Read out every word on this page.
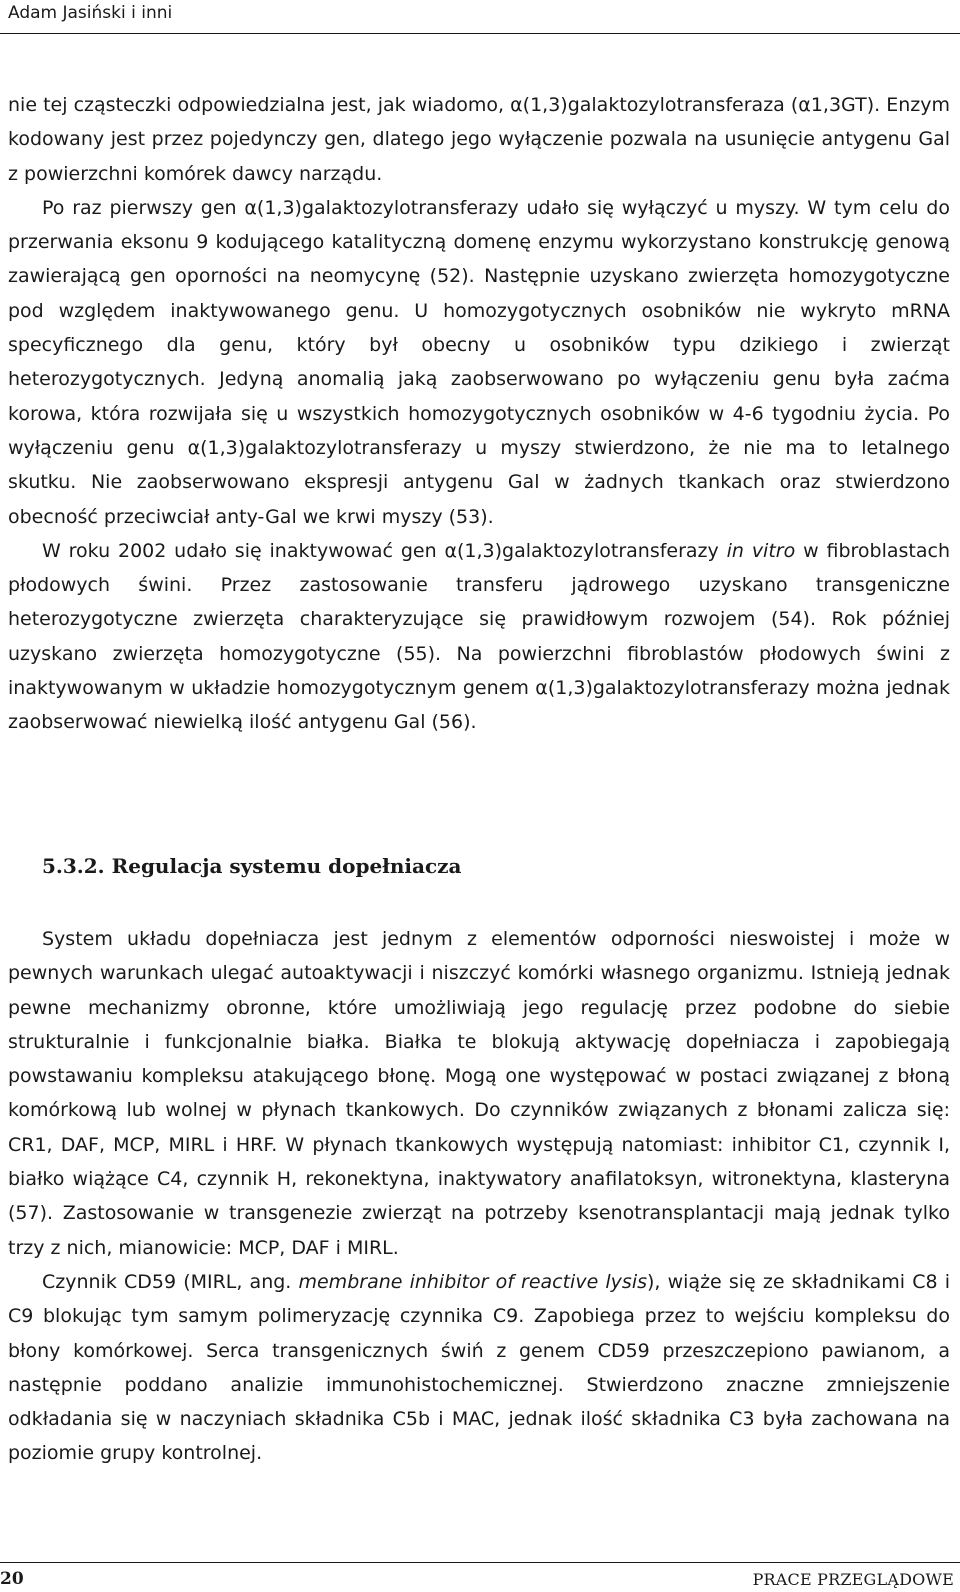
Adam Jasiński i inni

nie tej cząsteczki odpowiedzialna jest, jak wiadomo, α(1,3)galaktozylotransferaza (α1,3GT). Enzym kodowany jest przez pojedynczy gen, dlatego jego wyłączenie pozwala na usunięcie antygenu Gal z powierzchni komórek dawcy narządu.

Po raz pierwszy gen α(1,3)galaktozylotransferazy udało się wyłączyć u myszy. W tym celu do przerwania eksonu 9 kodującego katalityczną domenę enzymu wykorzystano konstrukcję genową zawierającą gen oporności na neomycynę (52). Następnie uzyskano zwierzęta homozygotyczne pod względem inaktywowanego genu. U homozygotycznych osobników nie wykryto mRNA specyficznego dla genu, który był obecny u osobników typu dzikiego i zwierząt heterozygotycznych. Jedyną anomalią jaką zaobserwowano po wyłączeniu genu była zaćma korowa, która rozwijała się u wszystkich homozygotycznych osobników w 4-6 tygodniu życia. Po wyłączeniu genu α(1,3)galaktozylotransferazy u myszy stwierdzono, że nie ma to letalnego skutku. Nie zaobserwowano ekspresji antygenu Gal w żadnych tkankach oraz stwierdzono obecność przeciwciał anty-Gal we krwi myszy (53).

W roku 2002 udało się inaktywować gen α(1,3)galaktozylotransferazy in vitro w fibroblastach płodowych świni. Przez zastosowanie transferu jądrowego uzyskano transgeniczne heterozygotyczne zwierzęta charakteryzujące się prawidłowym rozwojem (54). Rok później uzyskano zwierzęta homozygotyczne (55). Na powierzchni fibroblastów płodowych świni z inaktywowanym w układzie homozygotycznym genem α(1,3)galaktozylotransferazy można jednak zaobserwować niewielką ilość antygenu Gal (56).

5.3.2. Regulacja systemu dopełniacza

System układu dopełniacza jest jednym z elementów odporności nieswoistej i może w pewnych warunkach ulegać autoaktywacji i niszczyć komórki własnego organizmu. Istnieją jednak pewne mechanizmy obronne, które umożliwiają jego regulację przez podobne do siebie strukturalnie i funkcjonalnie białka. Białka te blokują aktywację dopełniacza i zapobiegają powstawaniu kompleksu atakującego błonę. Mogą one występować w postaci związanej z błoną komórkową lub wolnej w płynach tkankowych. Do czynników związanych z błonami zalicza się: CR1, DAF, MCP, MIRL i HRF. W płynach tkankowych występują natomiast: inhibitor C1, czynnik I, białko wiążące C4, czynnik H, rekonektyna, inaktywatory anafilatoksyn, witronektyna, klasteryna (57). Zastosowanie w transgenezie zwierząt na potrzeby ksenotransplantacji mają jednak tylko trzy z nich, mianowicie: MCP, DAF i MIRL.

Czynnik CD59 (MIRL, ang. membrane inhibitor of reactive lysis), wiąże się ze składnikami C8 i C9 blokując tym samym polimeryzację czynnika C9. Zapobiega przez to wejściu kompleksu do błony komórkowej. Serca transgenicznych świń z genem CD59 przeszczepiono pawianom, a następnie poddano analizie immunohistochemicznej. Stwierdzono znaczne zmniejszenie odkładania się w naczyniach składnika C5b i MAC, jednak ilość składnika C3 była zachowana na poziomie grupy kontrolnej.

20	PRACE PRZEGLĄDOWE
